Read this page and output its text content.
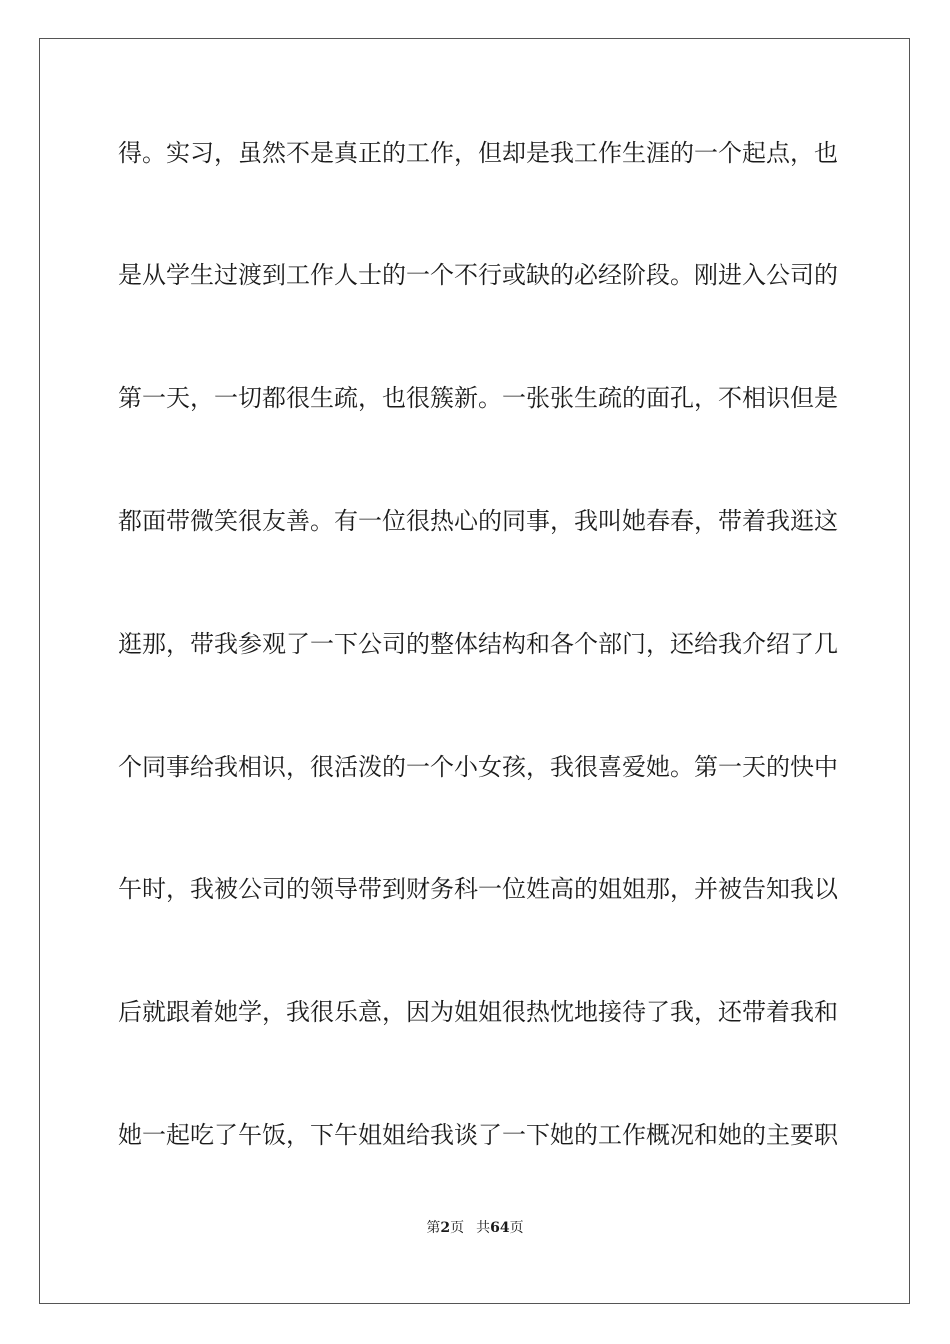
得。实习，虽然不是真正的工作，但却是我工作生涯的一个起点，也
是从学生过渡到工作人士的一个不行或缺的必经阶段。刚进入公司的
第一天，一切都很生疏，也很簇新。一张张生疏的面孔，不相识但是
都面带微笑很友善。有一位很热心的同事，我叫她春春，带着我逛这
逛那，带我参观了一下公司的整体结构和各个部门，还给我介绍了几
个同事给我相识，很活泼的一个小女孩，我很喜爱她。第一天的快中
午时，我被公司的领导带到财务科一位姓高的姐姐那，并被告知我以
后就跟着她学，我很乐意，因为姐姐很热忱地接待了我，还带着我和
她一起吃了午饭，下午姐姐给我谈了一下她的工作概况和她的主要职
第2页 共64页
